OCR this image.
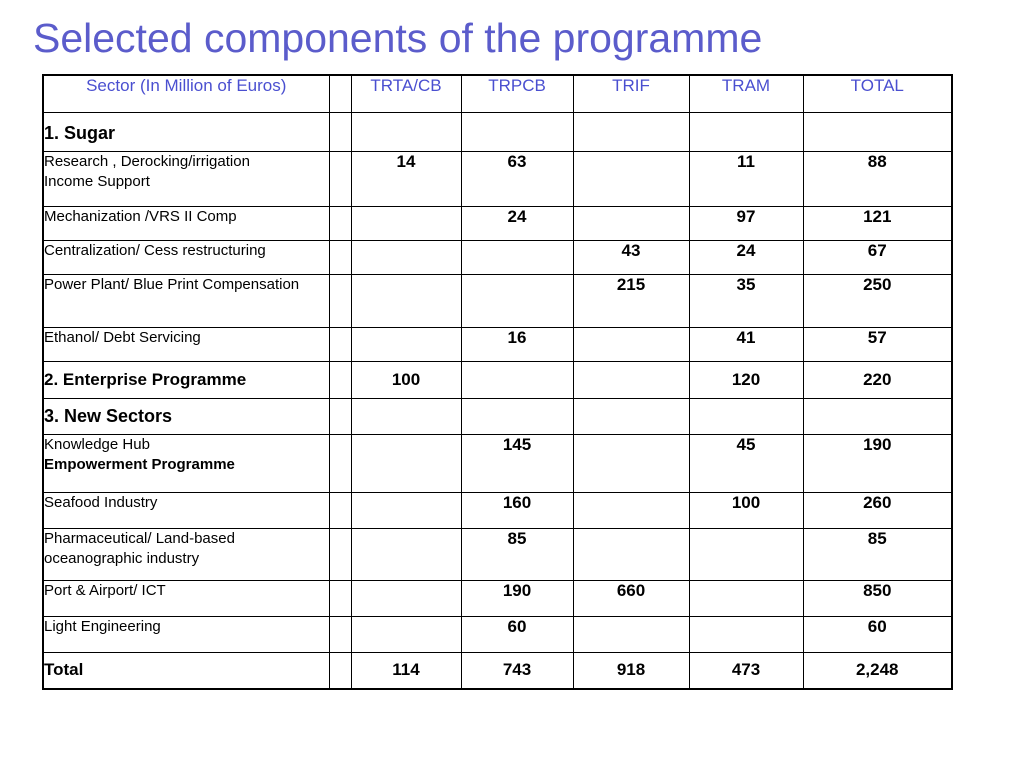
Selected components of the programme
Sector (In Million of Euros)		TRTA/CB	TRPCB	TRIF	TRAM	TOTAL
1. Sugar						

Research , Derocking/irrigation
Income Support		14	63		11	88
Mechanization /VRS II Comp			24		97	121
Centralization/ Cess restructuring				43	24	67
Power Plant/ Blue Print Compensation				215	35	250
Ethanol/ Debt Servicing			16		41	57
2. Enterprise Programme		100			120	220
3. New Sectors						

Knowledge Hub
Empowerment Programme			145		45	190
Seafood Industry			160		100	260
Pharmaceutical/ Land-based oceanographic industry			85			85
Port & Airport/ ICT			190	660		850
Light Engineering			60			60
Total		114	743	918	473	2,248
